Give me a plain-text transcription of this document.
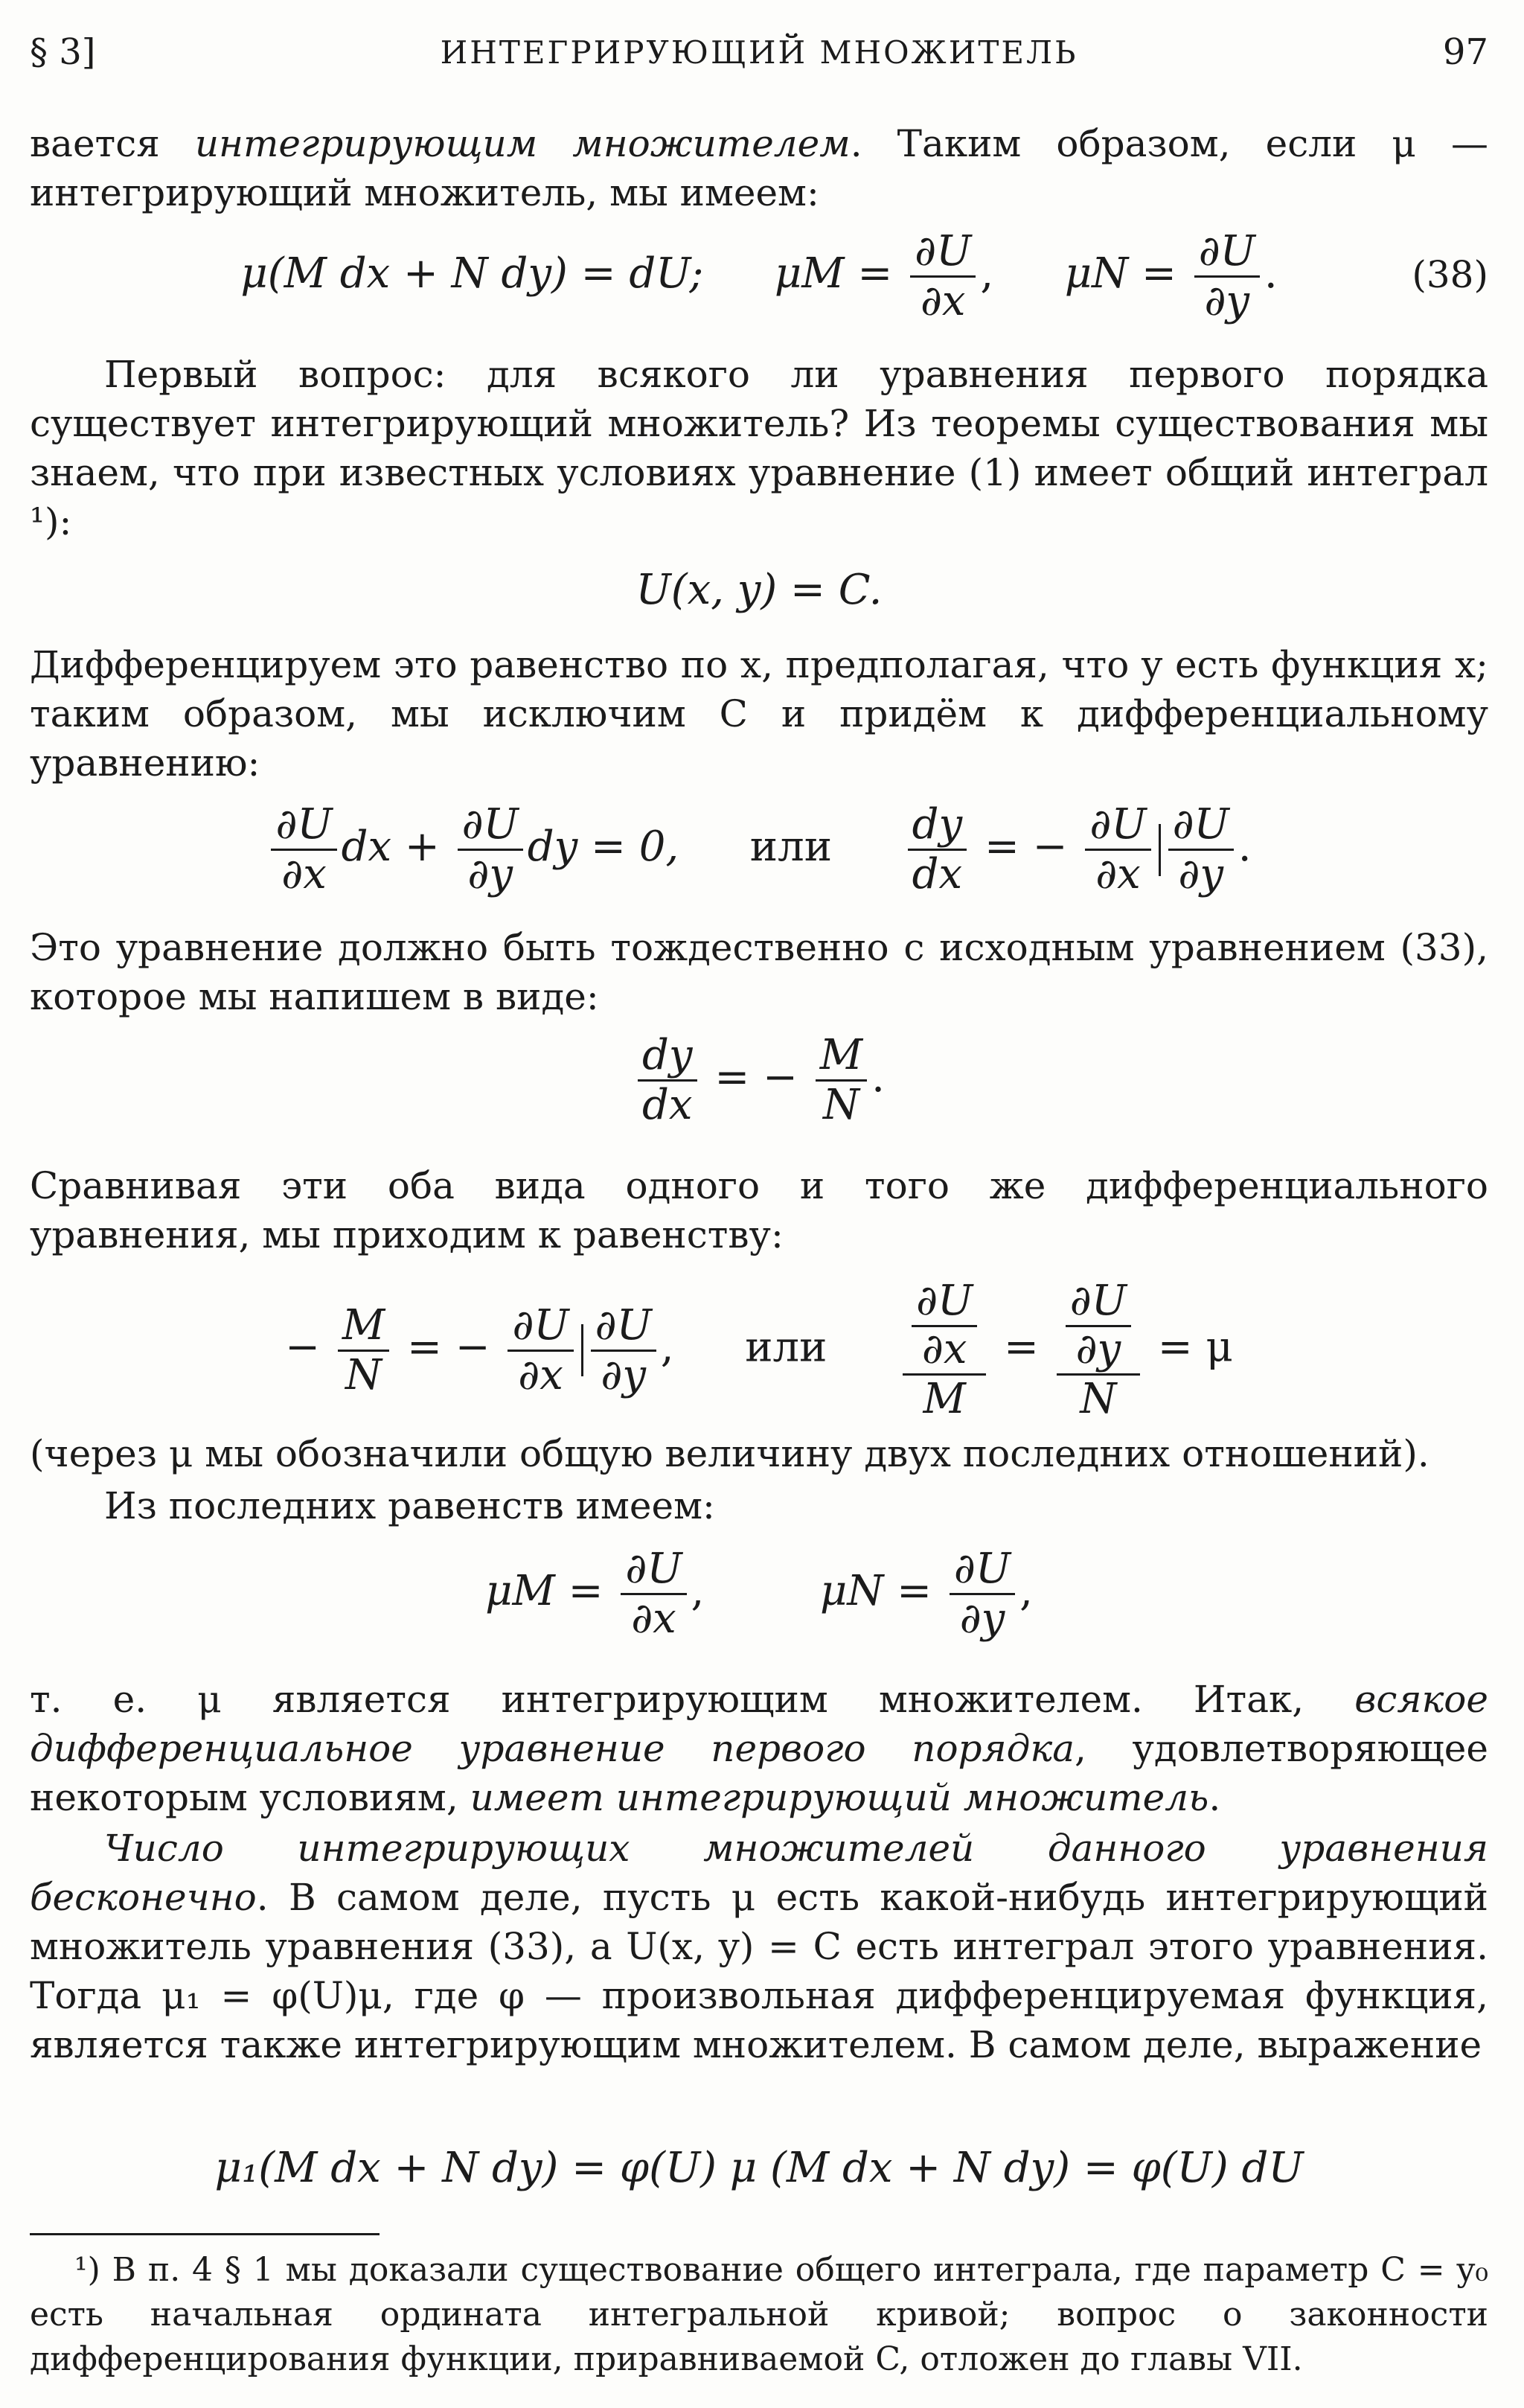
§ 3]	ИНТЕГРИРУЮЩИЙ МНОЖИТЕЛЬ	97
вается интегрирующим множителем. Таким образом, если μ — интегрирующий множитель, мы имеем:
μ(M dx + N dy) = dU; $\mu M = \frac{\partial U}{\partial x}$ , $\mu N = \frac{\partial U}{\partial y}$ .	(38)
Первый вопрос: для всякого ли уравнения первого порядка существует интегрирующий множитель? Из теоремы существования мы знаем, что при известных условиях уравнение (1) имеет общий интеграл ¹):
U(x, y) = C.
Дифференцируем это равенство по x, предполагая, что y есть функция x; таким образом, мы исключим C и придём к дифференциальному уравнению:
$\frac{\partial U}{\partial x}$ dx + $\frac{\partial U}{\partial y}$ dy = 0, или $\frac{dy}{dx}$ = − $\frac{\partial U}{\partial x} \frac{\partial U}{\partial y}$ .
Это уравнение должно быть тождественно с исходным уравнением (33), которое мы напишем в виде:
$\frac{dy}{dx}$ = − $\frac{M}{N}$ .
Сравнивая эти оба вида одного и того же дифференциального уравнения, мы приходим к равенству:
− $\frac{M}{N}$ = − $\frac{\partial U}{\partial x} \frac{\partial U}{\partial y}$ , или $\frac{\frac{\partial U}{\partial x}}{M} = \frac{\frac{\partial U}{\partial y}}{N} = \mu$
(через μ мы обозначили общую величину двух последних отношений).
Из последних равенств имеем:
$\mu M = \frac{\partial U}{\partial x}$ ,	$\mu N = \frac{\partial U}{\partial y}$ ,
т. е. μ является интегрирующим множителем. Итак, всякое дифференциальное уравнение первого порядка, удовлетворяющее некоторым условиям, имеет интегрирующий множитель.
Число интегрирующих множителей данного уравнения бесконечно. В самом деле, пусть μ есть какой-нибудь интегрирующий множитель уравнения (33), а U(x, y) = C есть интеграл этого уравнения. Тогда μ₁ = φ(U)μ, где φ — произвольная дифференцируемая функция, является также интегрирующим множителем. В самом деле, выражение
μ₁(M dx + N dy) = φ(U) μ (M dx + N dy) = φ(U) dU
¹) В п. 4 § 1 мы доказали существование общего интеграла, где параметр C = y₀ есть начальная ордината интегральной кривой; вопрос о законности дифференцирования функции, приравниваемой C, отложен до главы VII.
